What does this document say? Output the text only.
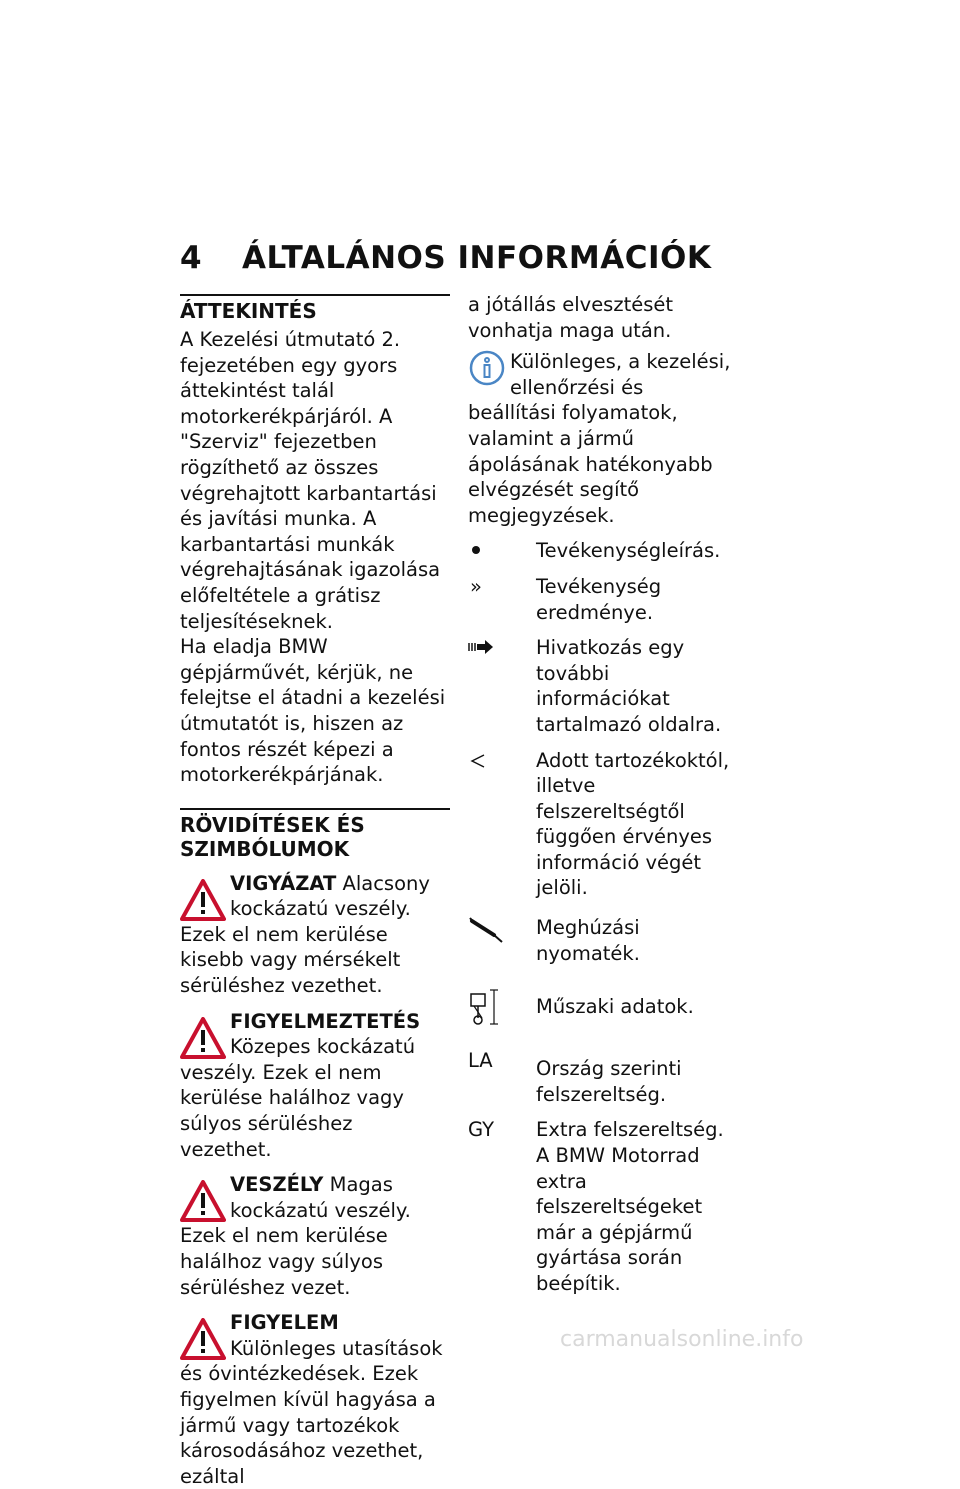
4 ÁLTALÁNOS INFORMÁCIÓK
ÁTTEKINTÉS

A Kezelési útmutató 2. fejezetében egy gyors áttekintést talál motorkerékpárjáról. A "Szerviz" fejezetben rögzíthető az összes végrehajtott karbantartási és javítási munka. A karbantartási munkák végrehajtásának igazolása előfeltétele a grátisz teljesítéseknek.

Ha eladja BMW gépjárművét, kérjük, ne felejtse el átadni a kezelési útmutatót is, hiszen az fontos részét képezi a motorkerékpárjának.

RÖVIDÍTÉSEK ÉS SZIMBÓLUMOK
VIGYÁZAT Alacsony kockázatú veszély. Ezek el nem kerülése kisebb vagy mérsékelt sérüléshez vezethet.
FIGYELMEZTETÉS Közepes kockázatú veszély. Ezek el nem kerülése halálhoz vagy súlyos sérüléshez vezethet.
VESZÉLY Magas kockázatú veszély. Ezek el nem kerülése halálhoz vagy súlyos sérüléshez vezet.
FIGYELEM Különleges utasítások és óvintézkedések. Ezek figyelmen kívül hagyása a jármű vagy tartozékok károsodásához vezethet, ezáltal

a jótállás elvesztését vonhatja maga után.

Különleges, a kezelési, ellenőrzési és beállítási folyamatok, valamint a jármű ápolásának hatékonyabb elvégzését segítő megjegyzések.
Tevékenységleírás.
»	Tevékenység eredménye.
Hivatkozás egy további információkat tartalmazó oldalra.
Adott tartozékoktól, illetve felszereltségtől függően érvényes információ végét jelöli.
Meghúzási nyomaték.
Műszaki adatok.
LA	Ország szerinti felszereltség.
GY	Extra felszereltség.
A BMW Motorrad extra felszereltségeket már a gépjármű gyártása során beépítik.
carmanualsonline.info
